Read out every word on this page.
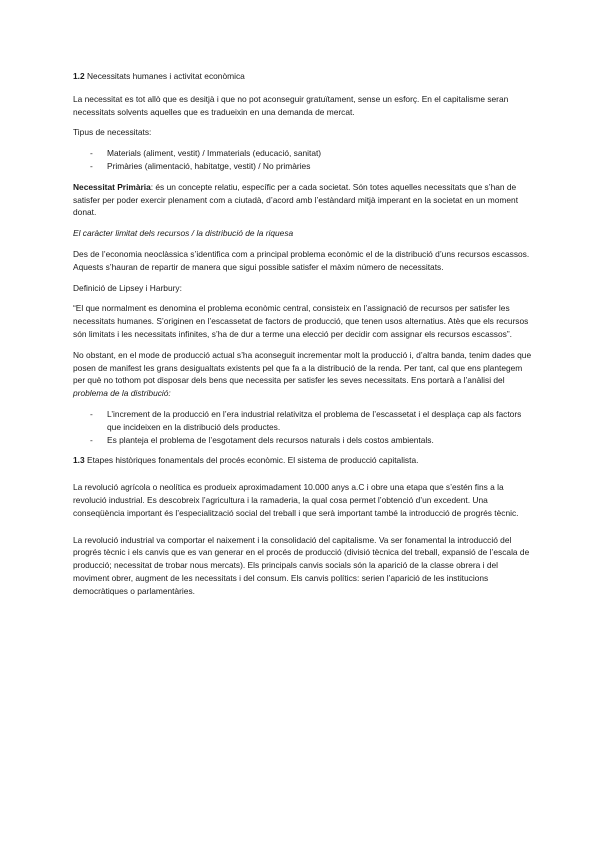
1.2 Necessitats humanes i activitat econòmica

La necessitat es tot allò que es desitjà i que no pot aconseguir gratuïtament, sense un esforç. En el capitalisme seran necessitats solvents aquelles que es tradueixin en una demanda de mercat.

Tipus de necessitats:

- Materials (aliment, vestit) / Immaterials (educació, sanitat)
- Primàries (alimentació, habitatge, vestit) / No primàries

Necessitat Primària: és un concepte relatiu, específic per a cada societat. Són totes aquelles necessitats que s’han de satisfer per poder exercir plenament com a ciutadà, d’acord amb l’estàndard mitjà imperant en la societat en un moment donat.

El caràcter limitat dels recursos / la distribució de la riquesa

Des de l’economia neoclàssica s’identifica com a principal problema econòmic el de la distribució d’uns recursos escassos. Aquests s’hauran de repartir de manera que sigui possible satisfer el màxim número de necessitats.

Definició de Lipsey i Harbury:

“El que normalment es denomina el problema econòmic central, consisteix en l’assignació de recursos per satisfer les necessitats humanes. S’originen en l’escassetat de factors de producció, que tenen usos alternatius. Atès que els recursos són limitats i les necessitats infinites, s’ha de dur a terme una elecció per decidir com assignar els recursos escassos”.

No obstant, en el mode de producció actual s’ha aconseguit incrementar molt la producció i, d’altra banda, tenim dades que posen de manifest les grans desigualtats existents pel que fa a la distribució de la renda. Per tant, cal que ens plantegem per què no tothom pot disposar dels bens que necessita per satisfer les seves necessitats. Ens portarà a l’anàlisi del problema de la distribució:

- L’increment de la producció en l’era industrial relativitza el problema de l’escassetat i el desplaça cap als factors que incideixen en la distribució dels productes.
- Es planteja el problema de l’esgotament dels recursos naturals i dels costos ambientals.

1.3 Etapes històriques fonamentals del procés econòmic. El sistema de producció capitalista.

La revolució agrícola o neolítica es produeix aproximadament 10.000 anys a.C i obre una etapa que s’estén fins a la revolució industrial. Es descobreix l’agricultura i la ramaderia, la qual cosa permet l’obtenció d’un excedent. Una conseqüència important és l’especialització social del treball i que serà important també la introducció de progrés tècnic.

La revolució industrial va comportar el naixement i la consolidació del capitalisme. Va ser fonamental la introducció del progrés tècnic i els canvis que es van generar en el procés de producció (divisió tècnica del treball, expansió de l’escala de producció; necessitat de trobar nous mercats). Els principals canvis socials són la aparició de la classe obrera i del moviment obrer, augment de les necessitats i del consum. Els canvis polítics: serien l’aparició de les institucions democràtiques o parlamentàries.
